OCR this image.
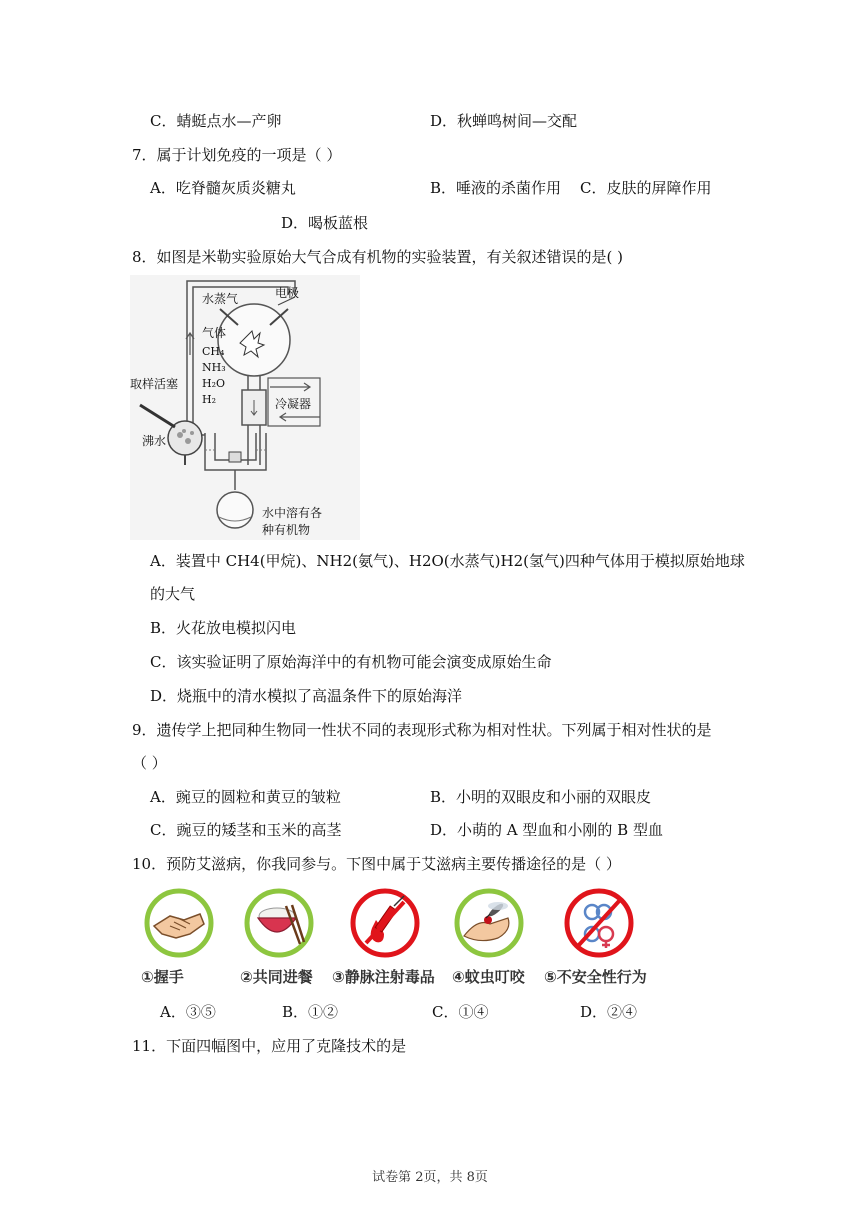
C．蜻蜓点水—产卵	D．秋蝉鸣树间—交配
7．属于计划免疫的一项是（ ）
A．吃脊髓灰质炎糖丸	B．唾液的杀菌作用 C．皮肤的屏障作用
D．喝板蓝根
8．如图是米勒实验原始大气合成有机物的实验装置，有关叙述错误的是( )
水蒸气	电极
气体
CH₄
NH₃
H₂O
H₂
取样活塞
沸水
冷凝器
水中溶有各
种有机物
A．装置中 CH4(甲烷)、NH2(氨气)、H2O(水蒸气)H2(氢气)四种气体用于模拟原始地球
的大气
B．火花放电模拟闪电
C．该实验证明了原始海洋中的有机物可能会演变成原始生命
D．烧瓶中的清水模拟了高温条件下的原始海洋
9．遗传学上把同种生物同一性状不同的表现形式称为相对性状。下列属于相对性状的是
（ ）
A．豌豆的圆粒和黄豆的皱粒	B．小明的双眼皮和小丽的双眼皮
C．豌豆的矮茎和玉米的高茎	D．小萌的 A 型血和小刚的 B 型血
10．预防艾滋病，你我同参与。下图中属于艾滋病主要传播途径的是（ ）
①握手	②共同进餐 ③静脉注射毒品 ④蚊虫叮咬 ⑤不安全性行为
A．③⑤	B．①②	C．①④	D．②④
11．下面四幅图中，应用了克隆技术的是
试卷第 2页，共 8页
